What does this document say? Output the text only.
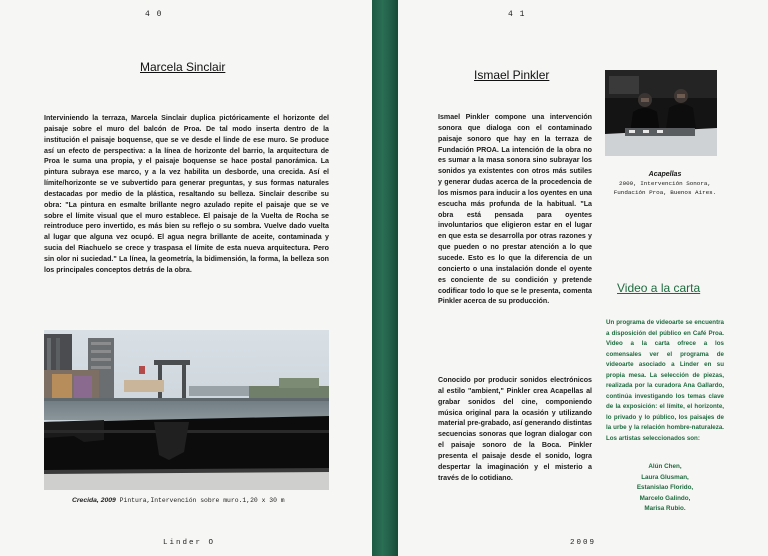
4 0
Marcela Sinclair

Interviniendo la terraza, Marcela Sinclair duplica pictóricamente el horizonte del paisaje sobre el muro del balcón de Proa. De tal modo inserta dentro de la institución el paisaje boquense, que se ve desde el linde de ese muro. Se produce así un efecto de perspectiva: a la línea de horizonte del barrio, la arquitectura de Proa le suma una propia, y el paisaje boquense se hace postal panorámica. La pintura subraya ese marco, y a la vez habilita un desborde, una crecida. Así el límite/horizonte se ve subvertido para generar preguntas, y sus formas naturales destacadas por medio de la plástica, resaltando su belleza. Sinclair describe su obra: "La pintura en esmalte brillante negro azulado repite el paisaje que se ve sobre el límite visual que el muro establece. El paisaje de la Vuelta de Rocha se reintroduce pero invertido, es más bien su reflejo o su sombra. Vuelve dado vuelta al lugar que alguna vez ocupó. El agua negra brillante de aceite, contaminada y sucia del Riachuelo se crece y traspasa el límite de esta nueva arquitectura. Pero sin olor ni suciedad." La línea, la geometría, la bidimensión, la forma, la belleza son los principales conceptos detrás de la obra.

Crecida, 2009 Pintura,Intervención sobre muro.1,20 x 30 m
Linder O
4 1
Ismael Pinkler

Ismael Pinkler compone una intervención sonora que dialoga con el contaminado paisaje sonoro que hay en la terraza de Fundación PROA. La intención de la obra no es sumar a la masa sonora sino subrayar los sonidos ya existentes con otros más sutiles y generar dudas acerca de la procedencia de los mismos para inducir a los oyentes en una escucha más profunda de la habitual. "La obra está pensada para oyentes involuntarios que eligieron estar en el lugar en que esta se desarrolla por otras razones y que pueden o no prestar atención a lo que sucede. Esto es lo que la diferencia de un concierto o una instalación donde el oyente es conciente de su condición y pretende codificar todo lo que se le presenta, comenta Pinkler acerca de su producción.

Conocido por producir sonidos electrónicos al estilo "ambient," Pinkler crea Acapellas al grabar sonidos del cine, componiendo música original para la ocasión y utilizando material pre-grabado, así generando distintas secuencias sonoras que logran dialogar con el paisaje sonoro de la Boca. Pinkler presenta el paisaje desde el sonido, logra despertar la imaginación y el misterio a través de lo cotidiano.

2009
Acapellas
2009, Intervención Sonora,
Fundación Proa, Buenos Aires.
Video a la carta

Un programa de videoarte se encuentra a disposición del público en Café Proa. Video a la carta ofrece a los comensales ver el programa de videoarte asociado a Linder en su propia mesa. La selección de piezas, realizada por la curadora Ana Gallardo, continúa investigando los temas clave de la exposición: el límite, el horizonte, lo privado y lo público, los paisajes de la urbe y la relación hombre-naturaleza. Los artistas seleccionados son:

Alún Chen,
Laura Glusman,
Estanislao Florido,
Marcelo Galindo,
Marisa Rubio.
